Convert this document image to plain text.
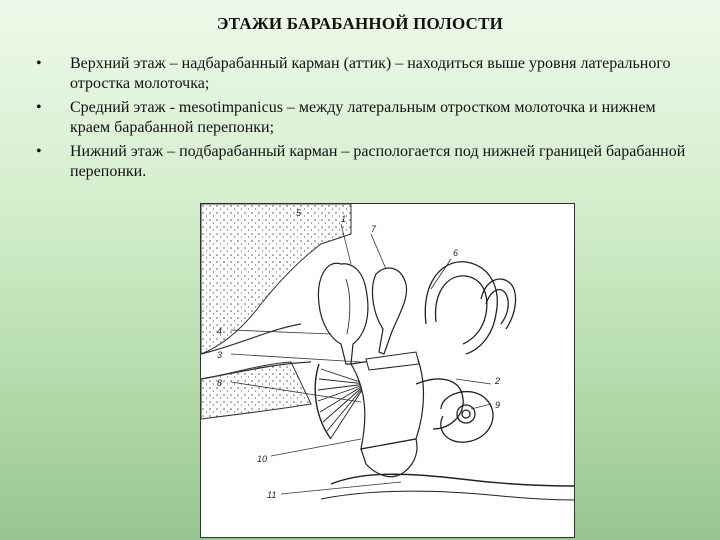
ЭТАЖИ БАРАБАННОЙ ПОЛОСТИ
• Верхний этаж – надбарабанный карман (аттик) – находиться выше уровня латерального отростка молоточка;
• Средний этаж - mesotimpanicus – между латеральным отростком молоточка и нижнем краем барабанной перепонки;
• Нижний этаж – подбарабанный карман – распологается под нижней границей барабанной перепонки.
1
2
3
4
5
6
7
8
9
10
11
